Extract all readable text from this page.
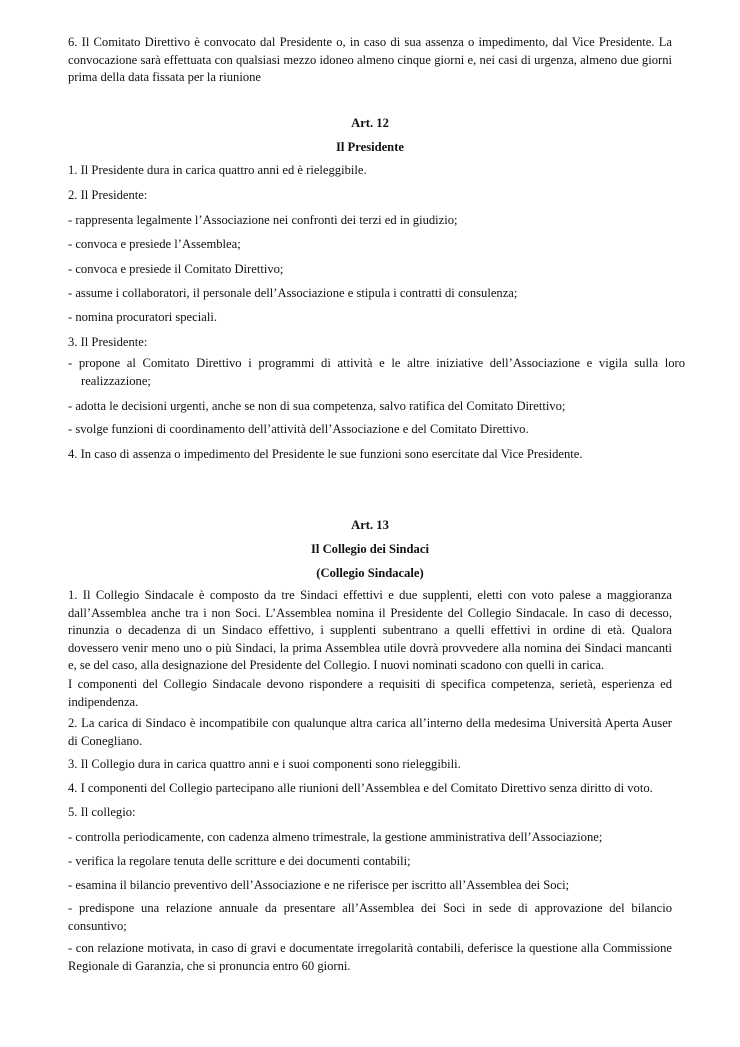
6. Il Comitato Direttivo è convocato dal Presidente o, in caso di sua assenza o impedimento, dal Vice Presidente. La convocazione sarà effettuata con qualsiasi mezzo idoneo almeno cinque giorni e, nei casi di urgenza, almeno due giorni prima della data fissata per la riunione

Art. 12

Il Presidente

1. Il Presidente dura in carica quattro anni ed è rieleggibile.

2. Il Presidente:

- rappresenta legalmente l’Associazione nei confronti dei terzi ed in giudizio;

- convoca e presiede l’Assemblea;

- convoca e presiede il Comitato Direttivo;

- assume i collaboratori, il personale dell’Associazione e stipula i contratti di consulenza;

- nomina procuratori speciali.

3. Il Presidente:

- propone al Comitato Direttivo i programmi di attività e le altre iniziative dell’Associazione e vigila sulla loro realizzazione;

- adotta le decisioni urgenti, anche se non di sua competenza, salvo ratifica del Comitato Direttivo;

- svolge funzioni di coordinamento dell’attività dell’Associazione e del Comitato Direttivo.

4. In caso di assenza o impedimento del Presidente le sue funzioni sono esercitate dal Vice Presidente.

Art. 13

Il Collegio dei Sindaci

(Collegio Sindacale)

1. Il Collegio Sindacale è composto da tre Sindaci effettivi e due supplenti, eletti con voto palese a maggioranza dall’Assemblea anche tra i non Soci. L’Assemblea nomina il Presidente del Collegio Sindacale. In caso di decesso, rinunzia o decadenza di un Sindaco effettivo, i supplenti subentrano a quelli effettivi in ordine di età. Qualora dovessero venir meno uno o più Sindaci, la prima Assemblea utile dovrà provvedere alla nomina dei Sindaci mancanti e, se del caso, alla designazione del Presidente del Collegio. I nuovi nominati scadono con quelli in carica.

I componenti del Collegio Sindacale devono rispondere a requisiti di specifica competenza, serietà, esperienza ed indipendenza.

2. La carica di Sindaco è incompatibile con qualunque altra carica all’interno della medesima Università Aperta Auser di Conegliano.

3. Il Collegio dura in carica quattro anni e i suoi componenti sono rieleggibili.

4. I componenti del Collegio partecipano alle riunioni dell’Assemblea e del Comitato Direttivo senza diritto di voto.

5. Il collegio:

- controlla periodicamente, con cadenza almeno trimestrale, la gestione amministrativa dell’Associazione;

- verifica la regolare tenuta delle scritture e dei documenti contabili;

- esamina il bilancio preventivo dell’Associazione e ne riferisce per iscritto all’Assemblea dei Soci;

- predispone una relazione annuale da presentare all’Assemblea dei Soci in sede di approvazione del bilancio consuntivo;

- con relazione motivata, in caso di gravi e documentate irregolarità contabili, deferisce la questione alla Commissione Regionale di Garanzia, che si pronuncia entro 60 giorni.
